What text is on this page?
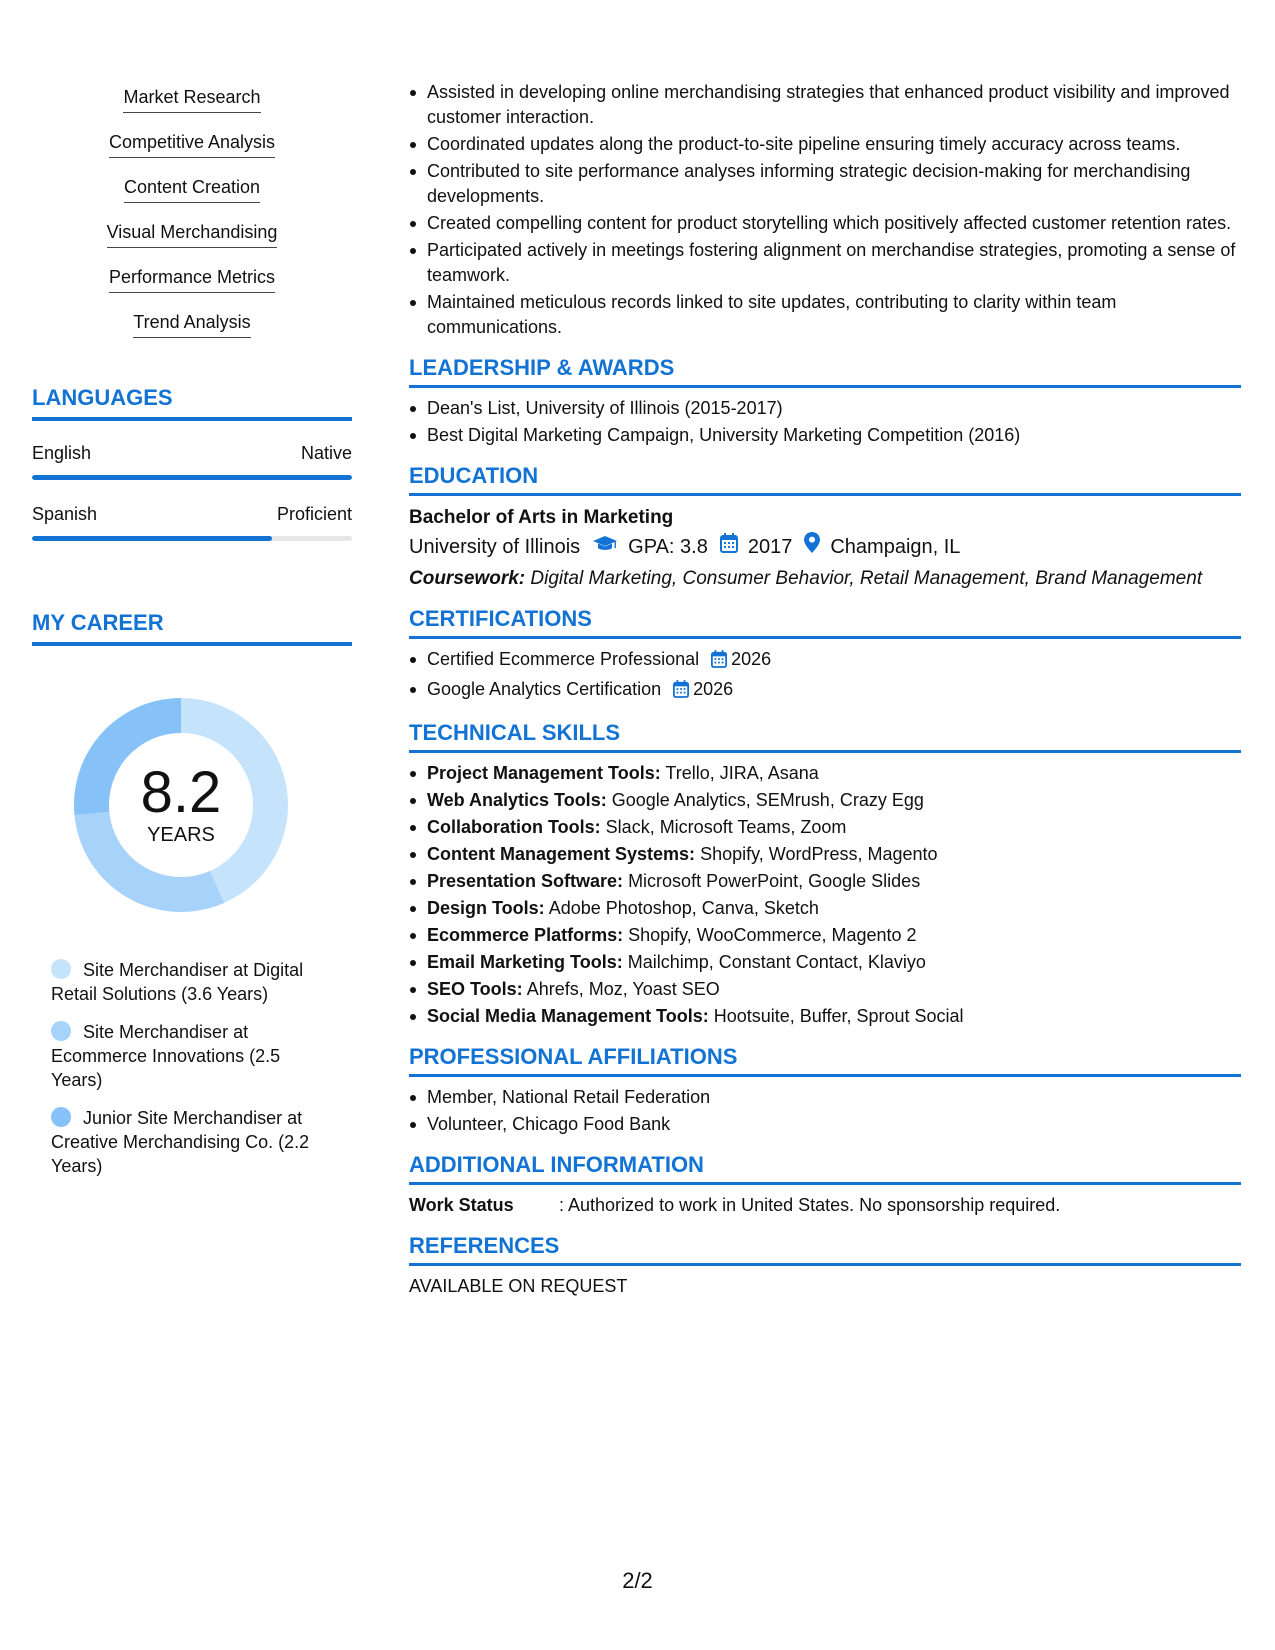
Market Research
Competitive Analysis
Content Creation
Visual Merchandising
Performance Metrics
Trend Analysis
LANGUAGES
English	Native
Spanish	Proficient
MY CAREER
8.2
YEARS
Site Merchandiser at Digital Retail Solutions (3.6 Years)
Site Merchandiser at Ecommerce Innovations (2.5 Years)
Junior Site Merchandiser at Creative Merchandising Co. (2.2 Years)
Assisted in developing online merchandising strategies that enhanced product visibility and improved customer interaction.
Coordinated updates along the product-to-site pipeline ensuring timely accuracy across teams.
Contributed to site performance analyses informing strategic decision-making for merchandising developments.
Created compelling content for product storytelling which positively affected customer retention rates.
Participated actively in meetings fostering alignment on merchandise strategies, promoting a sense of teamwork.
Maintained meticulous records linked to site updates, contributing to clarity within team communications.
LEADERSHIP & AWARDS
Dean's List, University of Illinois (2015-2017)
Best Digital Marketing Campaign, University Marketing Competition (2016)
EDUCATION
Bachelor of Arts in Marketing
University of Illinois GPA: 3.8 2017 Champaign, IL
Coursework: Digital Marketing, Consumer Behavior, Retail Management, Brand Management
CERTIFICATIONS
Certified Ecommerce Professional 2026
Google Analytics Certification 2026
TECHNICAL SKILLS
Project Management Tools: Trello, JIRA, Asana
Web Analytics Tools: Google Analytics, SEMrush, Crazy Egg
Collaboration Tools: Slack, Microsoft Teams, Zoom
Content Management Systems: Shopify, WordPress, Magento
Presentation Software: Microsoft PowerPoint, Google Slides
Design Tools: Adobe Photoshop, Canva, Sketch
Ecommerce Platforms: Shopify, WooCommerce, Magento 2
Email Marketing Tools: Mailchimp, Constant Contact, Klaviyo
SEO Tools: Ahrefs, Moz, Yoast SEO
Social Media Management Tools: Hootsuite, Buffer, Sprout Social
PROFESSIONAL AFFILIATIONS
Member, National Retail Federation
Volunteer, Chicago Food Bank
ADDITIONAL INFORMATION
Work Status	: Authorized to work in United States. No sponsorship required.
REFERENCES
AVAILABLE ON REQUEST
2/2
